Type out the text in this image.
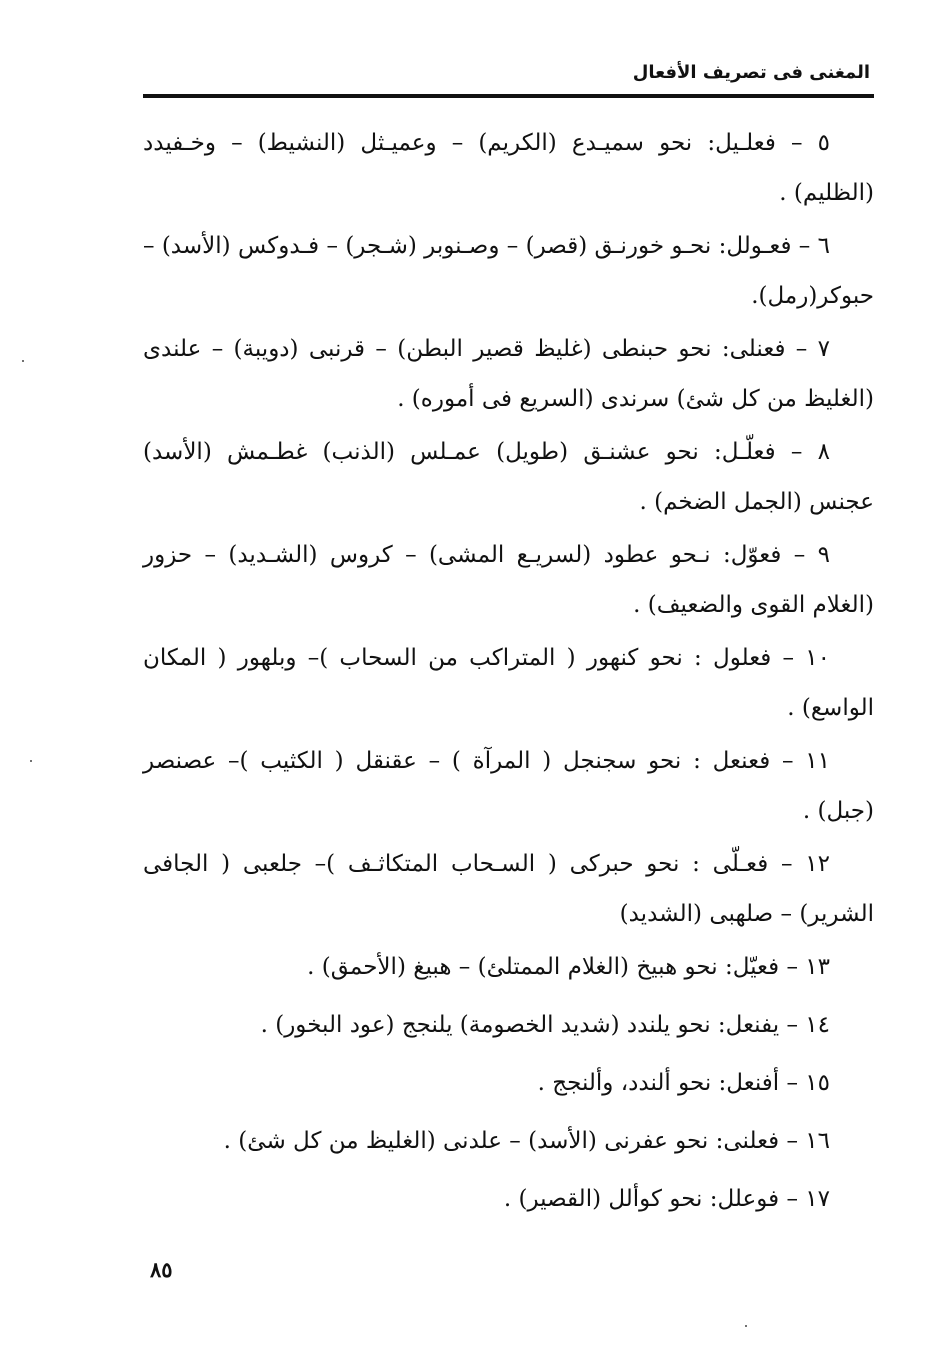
المغنى فى تصريف الأفعال

٥ – فعلـيل: نحو سميـدع (الكريم) – وعميـثل (النشيط) – وخـفيدد (الظليم) .

٦ – فعـولل: نحـو خورنـق (قصر) – وصـنوبر (شـجر) – فـدوكس (الأسد) – حبوكر(رمل).

٧ – فعنلى: نحو حبنطى (غليظ قصير البطن) – قرنبى (دويبة) – علندى (الغليظ من كل شئ) سرندى (السريع فى أموره) .

٨ – فعلّـل: نحو عشنـق (طويل) عمـلس (الذنب) غطـمش (الأسد) عجنس (الجمل الضخم) .

٩ – فعوّل: نـحو عطود (لسريـع المشى) – كروس (الشـديد) – حزور (الغلام القوى والضعيف) .

١٠ – فعلول : نحو كنهور ( المتراكب من السحاب )– وبلهور ( المكان الواسع) .

١١ – فعنعل : نحو سجنجل ( المرآة ) – عقنقل ( الكثيب )– عصنصر (جبل) .

١٢ – فعـلّى : نحو حبركى ( السـحاب المتكاثـف )– جلعبى ( الجافى الشرير) – صلهبى (الشديد)

١٣ – فعيّل: نحو هبيخ (الغلام الممتلئ) – هبيغ (الأحمق) .

١٤ – يفنعل: نحو يلندد (شديد الخصومة) يلنجج (عود البخور) .

١٥ – أفنعل: نحو ألندد، وألنجج .

١٦ – فعلنى: نحو عفرنى (الأسد) – علدنى (الغليظ من كل شئ) .

١٧ – فوعلل: نحو كوألل (القصير) .

٨٥
